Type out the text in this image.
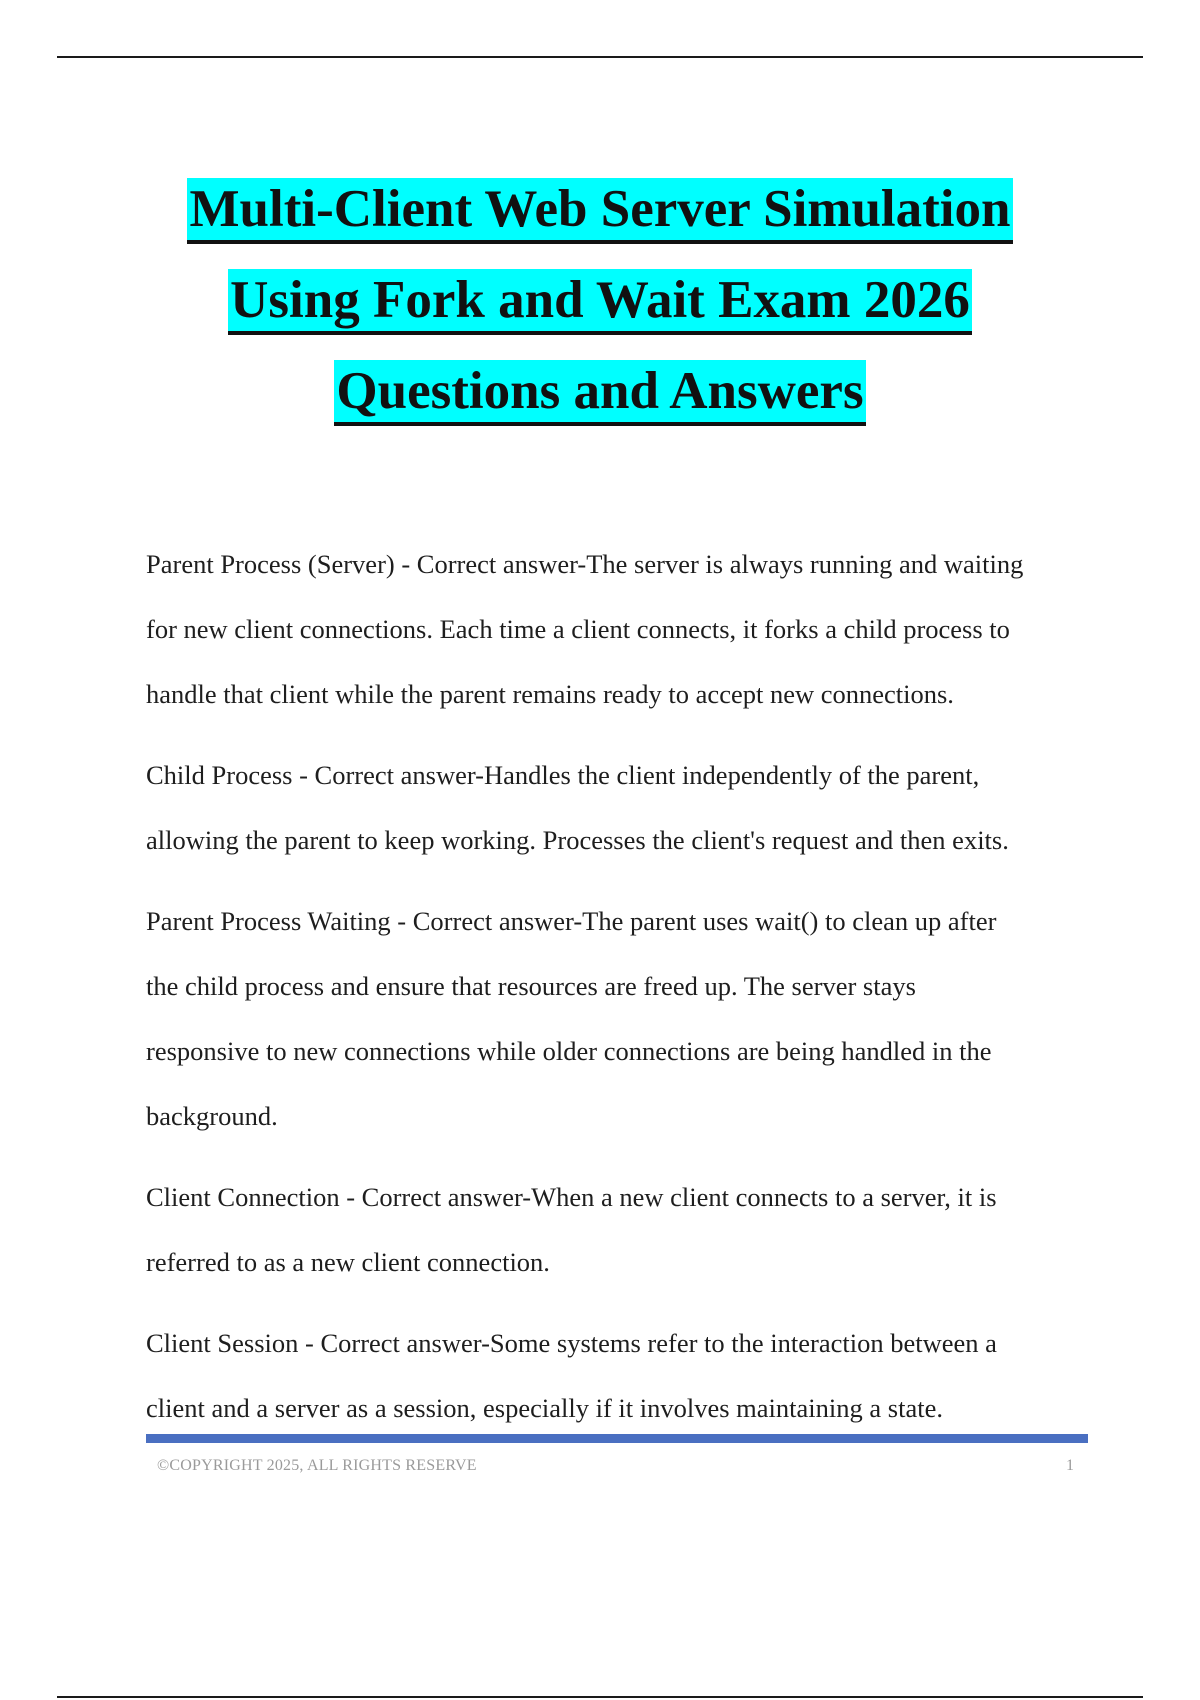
Multi-Client Web Server Simulation
Using Fork and Wait Exam 2026
Questions and Answers

Parent Process (Server) - Correct answer-The server is always running and waiting
for new client connections. Each time a client connects, it forks a child process to
handle that client while the parent remains ready to accept new connections.

Child Process - Correct answer-Handles the client independently of the parent,
allowing the parent to keep working. Processes the client's request and then exits.

Parent Process Waiting - Correct answer-The parent uses wait() to clean up after
the child process and ensure that resources are freed up. The server stays
responsive to new connections while older connections are being handled in the
background.

Client Connection - Correct answer-When a new client connects to a server, it is
referred to as a new client connection.

Client Session - Correct answer-Some systems refer to the interaction between a
client and a server as a session, especially if it involves maintaining a state.

©COPYRIGHT 2025, ALL RIGHTS RESERVE	1
